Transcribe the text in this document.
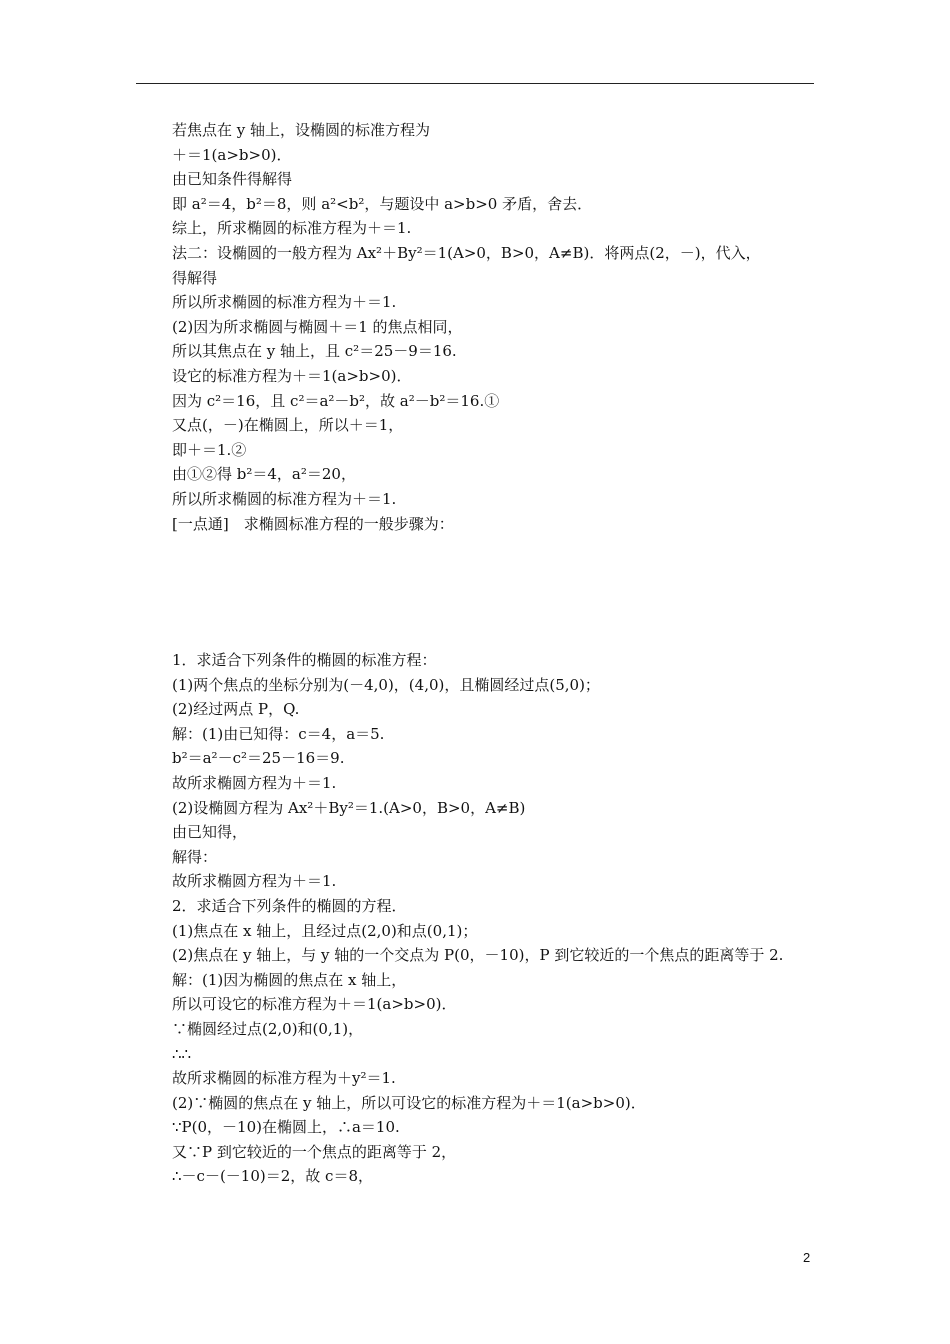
若焦点在 y 轴上，设椭圆的标准方程为
＋＝1(a>b>0)．
由已知条件得解得
即 a²＝4，b²＝8，则 a²<b²，与题设中 a>b>0 矛盾，舍去．
综上，所求椭圆的标准方程为＋＝1.
法二：设椭圆的一般方程为 Ax²＋By²＝1(A>0，B>0，A≠B)．将两点(2，－)，代入，
得解得
所以所求椭圆的标准方程为＋＝1.
(2)因为所求椭圆与椭圆＋＝1 的焦点相同，
所以其焦点在 y 轴上，且 c²＝25－9＝16.
设它的标准方程为＋＝1(a>b>0)．
因为 c²＝16，且 c²＝a²－b²，故 a²－b²＝16.①
又点(，－)在椭圆上，所以＋＝1，
即＋＝1.②
由①②得 b²＝4，a²＝20，
所以所求椭圆的标准方程为＋＝1.
[一点通]　求椭圆标准方程的一般步骤为：
1．求适合下列条件的椭圆的标准方程：
(1)两个焦点的坐标分别为(－4,0)，(4,0)，且椭圆经过点(5,0)；
(2)经过两点 P，Q.
解：(1)由已知得：c＝4，a＝5.
b²＝a²－c²＝25－16＝9.
故所求椭圆方程为＋＝1.
(2)设椭圆方程为 Ax²＋By²＝1.(A>0，B>0，A≠B)
由已知得，
解得：
故所求椭圆方程为＋＝1.
2．求适合下列条件的椭圆的方程．
(1)焦点在 x 轴上，且经过点(2,0)和点(0,1)；
(2)焦点在 y 轴上，与 y 轴的一个交点为 P(0，－10)，P 到它较近的一个焦点的距离等于 2.
解：(1)因为椭圆的焦点在 x 轴上，
所以可设它的标准方程为＋＝1(a>b>0)．
∵椭圆经过点(2,0)和(0,1)，
∴∴
故所求椭圆的标准方程为＋y²＝1.
(2)∵椭圆的焦点在 y 轴上，所以可设它的标准方程为＋＝1(a>b>0)．
∵P(0，－10)在椭圆上，∴a＝10.
又∵P 到它较近的一个焦点的距离等于 2，
∴－c－(－10)＝2，故 c＝8，
2
